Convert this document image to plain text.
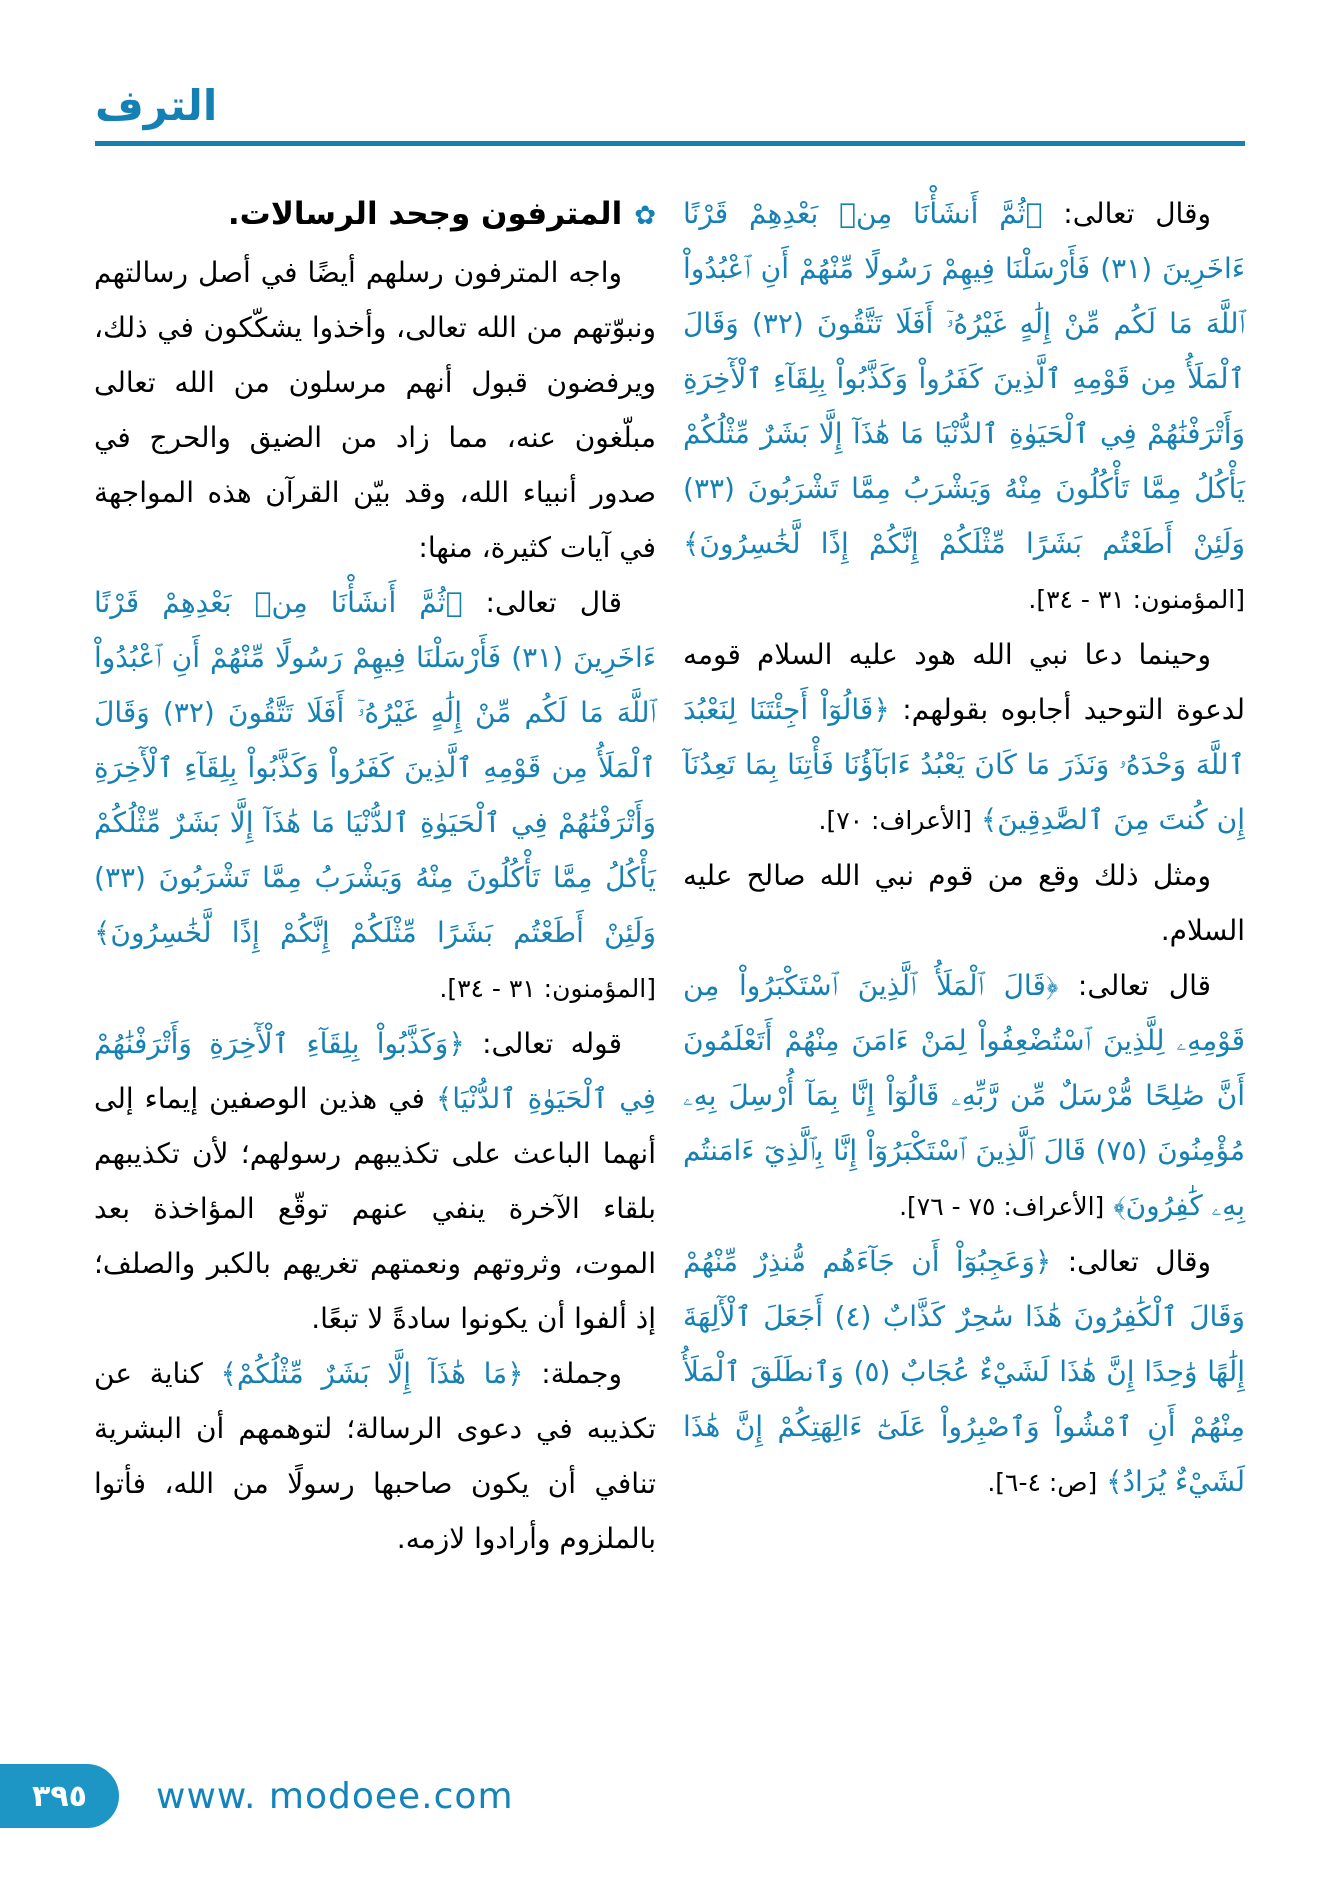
الترف

وقال تعالى: ﴿ثُمَّ أَنشَأْنَا مِنۢ بَعْدِهِمْ قَرْنًا ءَاخَرِينَ (٣١) فَأَرْسَلْنَا فِيهِمْ رَسُولًا مِّنْهُمْ أَنِ ٱعْبُدُواْ ٱللَّهَ مَا لَكُم مِّنْ إِلَٰهٍ غَيْرُهُۥٓ أَفَلَا تَتَّقُونَ (٣٢) وَقَالَ ٱلْمَلَأُ مِن قَوْمِهِ ٱلَّذِينَ كَفَرُواْ وَكَذَّبُواْ بِلِقَآءِ ٱلْأٓخِرَةِ وَأَتْرَفْنَٰهُمْ فِي ٱلْحَيَوٰةِ ٱلدُّنْيَا مَا هَٰذَآ إِلَّا بَشَرٌ مِّثْلُكُمْ يَأْكُلُ مِمَّا تَأْكُلُونَ مِنْهُ وَيَشْرَبُ مِمَّا تَشْرَبُونَ (٣٣) وَلَئِنْ أَطَعْتُم بَشَرًا مِّثْلَكُمْ إِنَّكُمْ إِذًا لَّخَٰسِرُونَ﴾ [المؤمنون: ٣١ - ٣٤].

وحينما دعا نبي الله هود عليه السلام قومه لدعوة التوحيد أجابوه بقولهم: ﴿قَالُوٓاْ أَجِئْتَنَا لِنَعْبُدَ ٱللَّهَ وَحْدَهُۥ وَنَذَرَ مَا كَانَ يَعْبُدُ ءَابَآؤُنَا فَأْتِنَا بِمَا تَعِدُنَآ إِن كُنتَ مِنَ ٱلصَّٰدِقِينَ﴾ [الأعراف: ٧٠].

ومثل ذلك وقع من قوم نبي الله صالح عليه السلام.

قال تعالى: ﴿قَالَ ٱلْمَلَأُ ٱلَّذِينَ ٱسْتَكْبَرُواْ مِن قَوْمِهِۦ لِلَّذِينَ ٱسْتُضْعِفُواْ لِمَنْ ءَامَنَ مِنْهُمْ أَتَعْلَمُونَ أَنَّ صَٰلِحًا مُّرْسَلٌ مِّن رَّبِّهِۦ قَالُوٓاْ إِنَّا بِمَآ أُرْسِلَ بِهِۦ مُؤْمِنُونَ (٧٥) قَالَ ٱلَّذِينَ ٱسْتَكْبَرُوٓاْ إِنَّا بِٱلَّذِيٓ ءَامَنتُم بِهِۦ كَٰفِرُونَ﴾ [الأعراف: ٧٥ - ٧٦].

وقال تعالى: ﴿وَعَجِبُوٓاْ أَن جَآءَهُم مُّنذِرٌ مِّنْهُمْ وَقَالَ ٱلْكَٰفِرُونَ هَٰذَا سَٰحِرٌ كَذَّابٌ (٤) أَجَعَلَ ٱلْأٓلِهَةَ إِلَٰهًا وَٰحِدًا إِنَّ هَٰذَا لَشَيْءٌ عُجَابٌ (٥) وَٱنطَلَقَ ٱلْمَلَأُ مِنْهُمْ أَنِ ٱمْشُواْ وَٱصْبِرُواْ عَلَىٰٓ ءَالِهَتِكُمْ إِنَّ هَٰذَا لَشَيْءٌ يُرَادُ﴾ [ص: ٤-٦].

✿المترفون وجحد الرسالات.

واجه المترفون رسلهم أيضًا في أصل رسالتهم ونبوّتهم من الله تعالى، وأخذوا يشكّكون في ذلك، ويرفضون قبول أنهم مرسلون من الله تعالى مبلّغون عنه، مما زاد من الضيق والحرج في صدور أنبياء الله، وقد بيّن القرآن هذه المواجهة في آيات كثيرة، منها:

قال تعالى: ﴿ثُمَّ أَنشَأْنَا مِنۢ بَعْدِهِمْ قَرْنًا ءَاخَرِينَ (٣١) فَأَرْسَلْنَا فِيهِمْ رَسُولًا مِّنْهُمْ أَنِ ٱعْبُدُواْ ٱللَّهَ مَا لَكُم مِّنْ إِلَٰهٍ غَيْرُهُۥٓ أَفَلَا تَتَّقُونَ (٣٢) وَقَالَ ٱلْمَلَأُ مِن قَوْمِهِ ٱلَّذِينَ كَفَرُواْ وَكَذَّبُواْ بِلِقَآءِ ٱلْأٓخِرَةِ وَأَتْرَفْنَٰهُمْ فِي ٱلْحَيَوٰةِ ٱلدُّنْيَا مَا هَٰذَآ إِلَّا بَشَرٌ مِّثْلُكُمْ يَأْكُلُ مِمَّا تَأْكُلُونَ مِنْهُ وَيَشْرَبُ مِمَّا تَشْرَبُونَ (٣٣) وَلَئِنْ أَطَعْتُم بَشَرًا مِّثْلَكُمْ إِنَّكُمْ إِذًا لَّخَٰسِرُونَ﴾ [المؤمنون: ٣١ - ٣٤].

قوله تعالى: ﴿وَكَذَّبُواْ بِلِقَآءِ ٱلْأٓخِرَةِ وَأَتْرَفْنَٰهُمْ فِي ٱلْحَيَوٰةِ ٱلدُّنْيَا﴾ في هذين الوصفين إيماء إلى أنهما الباعث على تكذيبهم رسولهم؛ لأن تكذيبهم بلقاء الآخرة ينفي عنهم توقّع المؤاخذة بعد الموت، وثروتهم ونعمتهم تغريهم بالكبر والصلف؛ إذ ألفوا أن يكونوا سادةً لا تبعًا.

وجملة: ﴿مَا هَٰذَآ إِلَّا بَشَرٌ مِّثْلُكُمْ﴾ كناية عن تكذيبه في دعوى الرسالة؛ لتوهمهم أن البشرية تنافي أن يكون صاحبها رسولًا من الله، فأتوا بالملزوم وأرادوا لازمه.

٣٩٥ www. modoee.com
